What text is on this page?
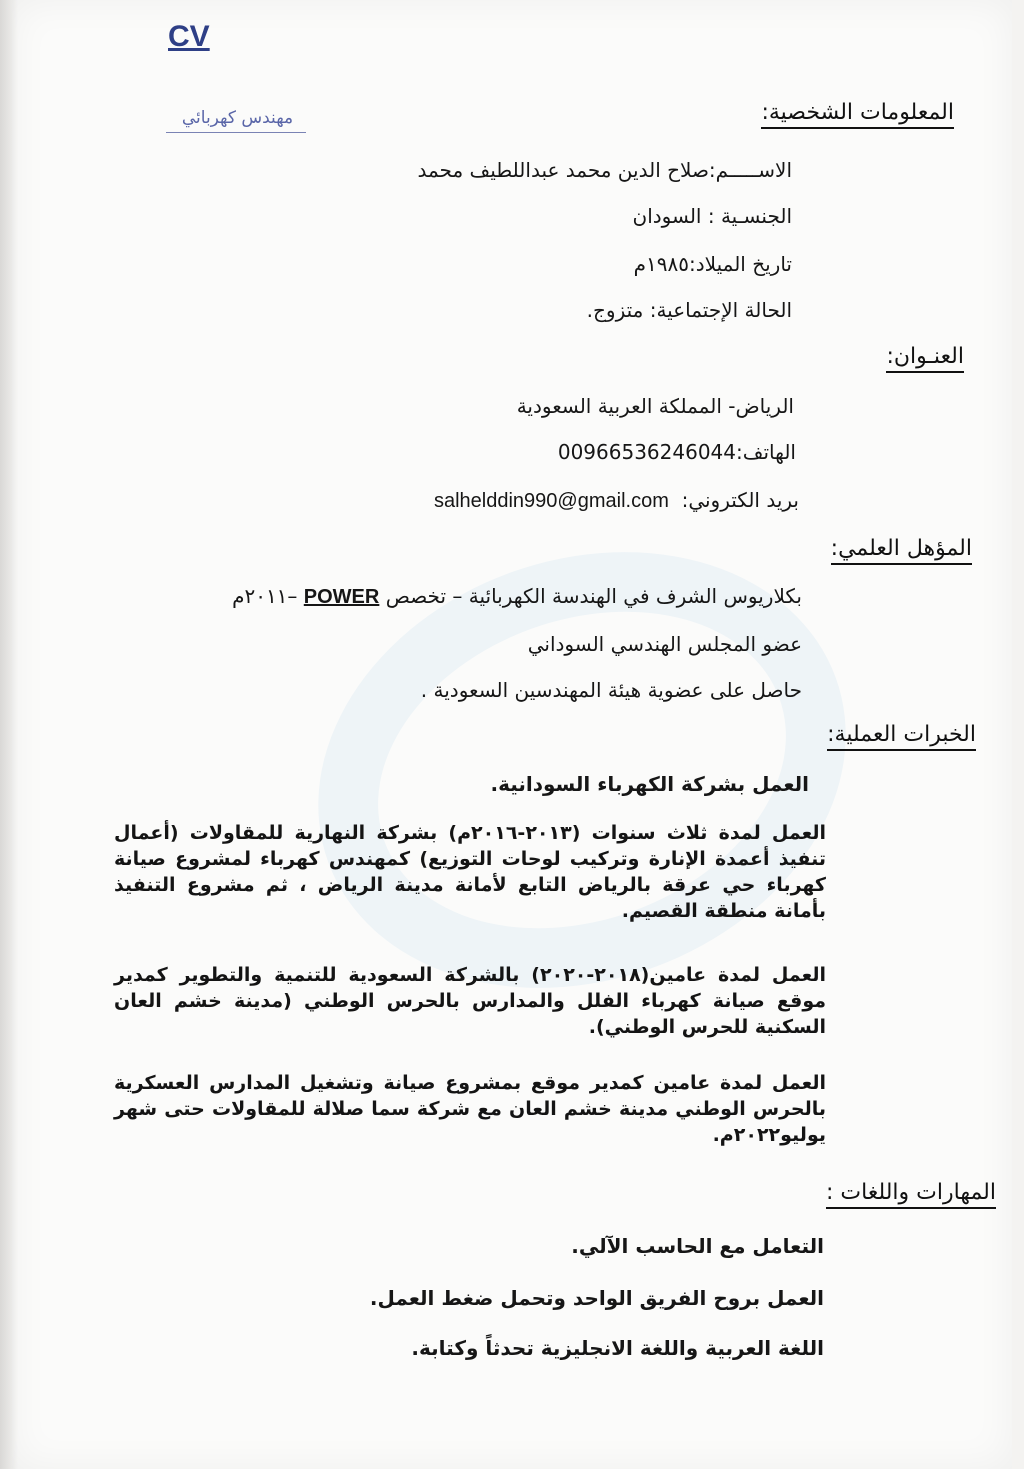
CV
مهندس كهربائي	المعلومات الشخصية:
الاســـــم:صلاح الدين محمد عبداللطيف محمد
الجنسـية : السودان
تاريخ الميلاد:١٩٨٥م
الحالة الإجتماعية: متزوج.
العنـوان:
الرياض- المملكة العربية السعودية
الهاتف:00966536246044
بريد الكتروني:  salhelddin990@gmail.com
المؤهل العلمي:
بكلاريوس الشرف في الهندسة الكهربائية – تخصص POWER –٢٠١١م
عضو المجلس الهندسي السوداني
حاصل على عضوية هيئة المهندسين السعودية .
الخبرات العملية:
العمل بشركة الكهرباء السودانية.
العمل لمدة ثلاث سنوات (٢٠١٣-٢٠١٦م) بشركة النهارية للمقاولات (أعمال تنفيذ أعمدة الإنارة وتركيب لوحات التوزيع) كمهندس كهرباء لمشروع صيانة كهرباء حي عرقة بالرياض التابع لأمانة مدينة الرياض ، ثم مشروع التنفيذ بأمانة منطقة القصيم.
العمل لمدة عامين(٢٠١٨-٢٠٢٠) بالشركة السعودية للتنمية والتطوير كمدير موقع صيانة كهرباء الفلل والمدارس بالحرس الوطني (مدينة خشم العان السكنية للحرس الوطني).
العمل لمدة عامين كمدير موقع بمشروع صيانة وتشغيل المدارس العسكرية بالحرس الوطني مدينة خشم العان مع شركة سما صلالة للمقاولات حتى شهر يوليو٢٠٢٢م.
المهارات واللغات :
التعامل مع الحاسب الآلي.
العمل بروح الفريق الواحد وتحمل ضغط العمل.
اللغة العربية واللغة الانجليزية تحدثاً وكتابة.
